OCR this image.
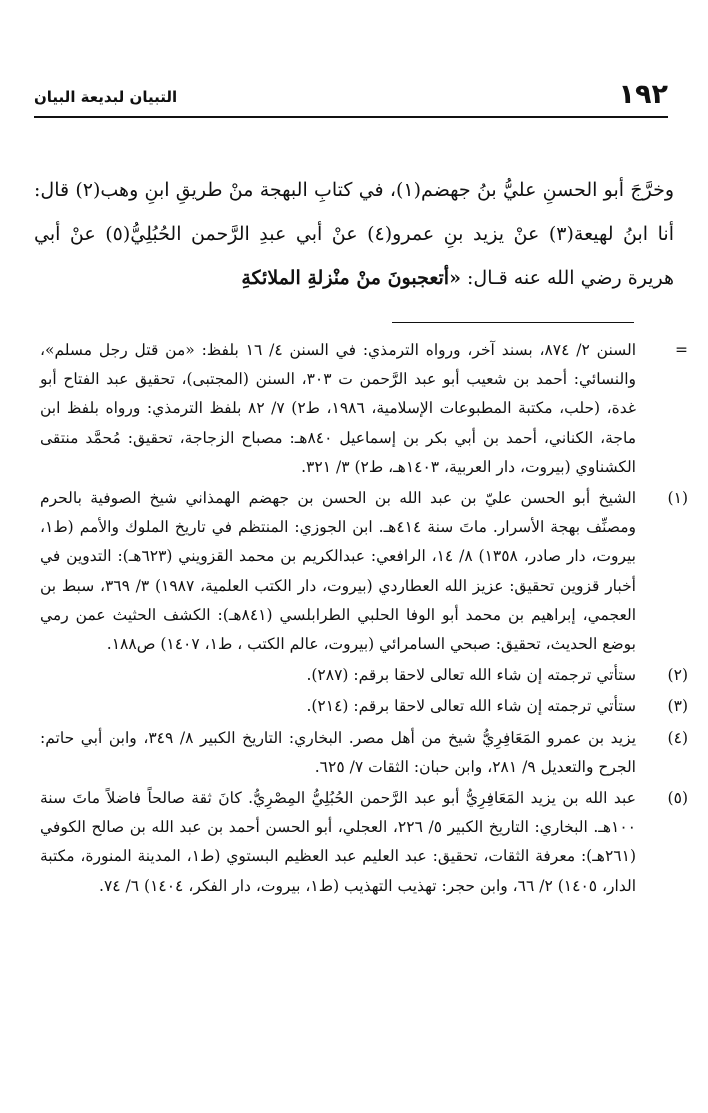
١٩٢
التبيان لبديعة البيان
وخرَّجَ أبو الحسنِ عليُّ بنُ جهضم(١)، في كتابِ البهجة منْ طريقِ ابنِ وهب(٢) قال: أنا ابنُ لهيعة(٣) عنْ يزيد بنِ عمرو(٤) عنْ أبي عبدِ الرَّحمن الحُبُلِيُّ(٥) عنْ أبي هريرة رضي الله عنه قـال: «أتعجبونَ منْ منْزلةِ الملائكةِ
=
السنن ٢/ ٨٧٤، بسند آخر، ورواه الترمذي: في السنن ٤/ ١٦ بلفظ: «من قتل رجل مسلم»، والنسائي: أحمد بن شعيب أبو عبد الرَّحمن ت ٣٠٣، السنن (المجتبى)، تحقيق عبد الفتاح أبو غدة، (حلب، مكتبة المطبوعات الإسلامية، ١٩٨٦، ط٢) ٧/ ٨٢ بلفظ الترمذي: ورواه بلفظ ابن ماجة، الكناني، أحمد بن أبي بكر بن إسماعيل ٨٤٠هـ: مصباح الزجاجة، تحقيق: مُحمَّد منتقى الكشناوي (بيروت، دار العربية، ١٤٠٣هـ، ط٢) ٣/ ٣٢١.
(١)
الشيخ أبو الحسن عليّ بن عبد الله بن الحسن بن جهضم الهمذاني شيخ الصوفية بالحرم ومصنِّف بهجة الأسرار. ماتَ سنة ٤١٤هـ. ابن الجوزي: المنتظم في تاريخ الملوك والأمم (ط١، بيروت، دار صادر، ١٣٥٨) ٨/ ١٤، الرافعي: عبدالكريم بن محمد القزويني (٦٢٣هـ): التدوين في أخبار قزوين تحقيق: عزيز الله العطاردي (بيروت، دار الكتب العلمية، ١٩٨٧) ٣/ ٣٦٩، سبط بن العجمي، إبراهيم بن محمد أبو الوفا الحلبي الطرابلسي (٨٤١هـ): الكشف الحثيث عمن رمي بوضع الحديث، تحقيق: صبحي السامرائي (بيروت، عالم الكتب ، ط١، ١٤٠٧) ص١٨٨.
(٢)
ستأتي ترجمته إن شاء الله تعالى لاحقا برقم: (٢٨٧).
(٣)
ستأتي ترجمته إن شاء الله تعالى لاحقا برقم: (٢١٤).
(٤)
يزيد بن عمرو المَعَافِرِيُّ شيخ من أهل مصر. البخاري: التاريخ الكبير ٨/ ٣٤٩، وابن أبي حاتم: الجرح والتعديل ٩/ ٢٨١، وابن حبان: الثقات ٧/ ٦٢٥.
(٥)
عبد الله بن يزيد المَعَافِرِيُّ أبو عبد الرَّحمن الحُبُلِيُّ المِصْرِيُّ. كانَ ثقة صالحاً فاضلاً ماتَ سنة ١٠٠هـ. البخاري: التاريخ الكبير ٥/ ٢٢٦، العجلي، أبو الحسن أحمد بن عبد الله بن صالح الكوفي (٢٦١هـ): معرفة الثقات، تحقيق: عبد العليم عبد العظيم البستوي (ط١، المدينة المنورة، مكتبة الدار، ١٤٠٥) ٢/ ٦٦، وابن حجر: تهذيب التهذيب (ط١، بيروت، دار الفكر، ١٤٠٤) ٦/ ٧٤.
